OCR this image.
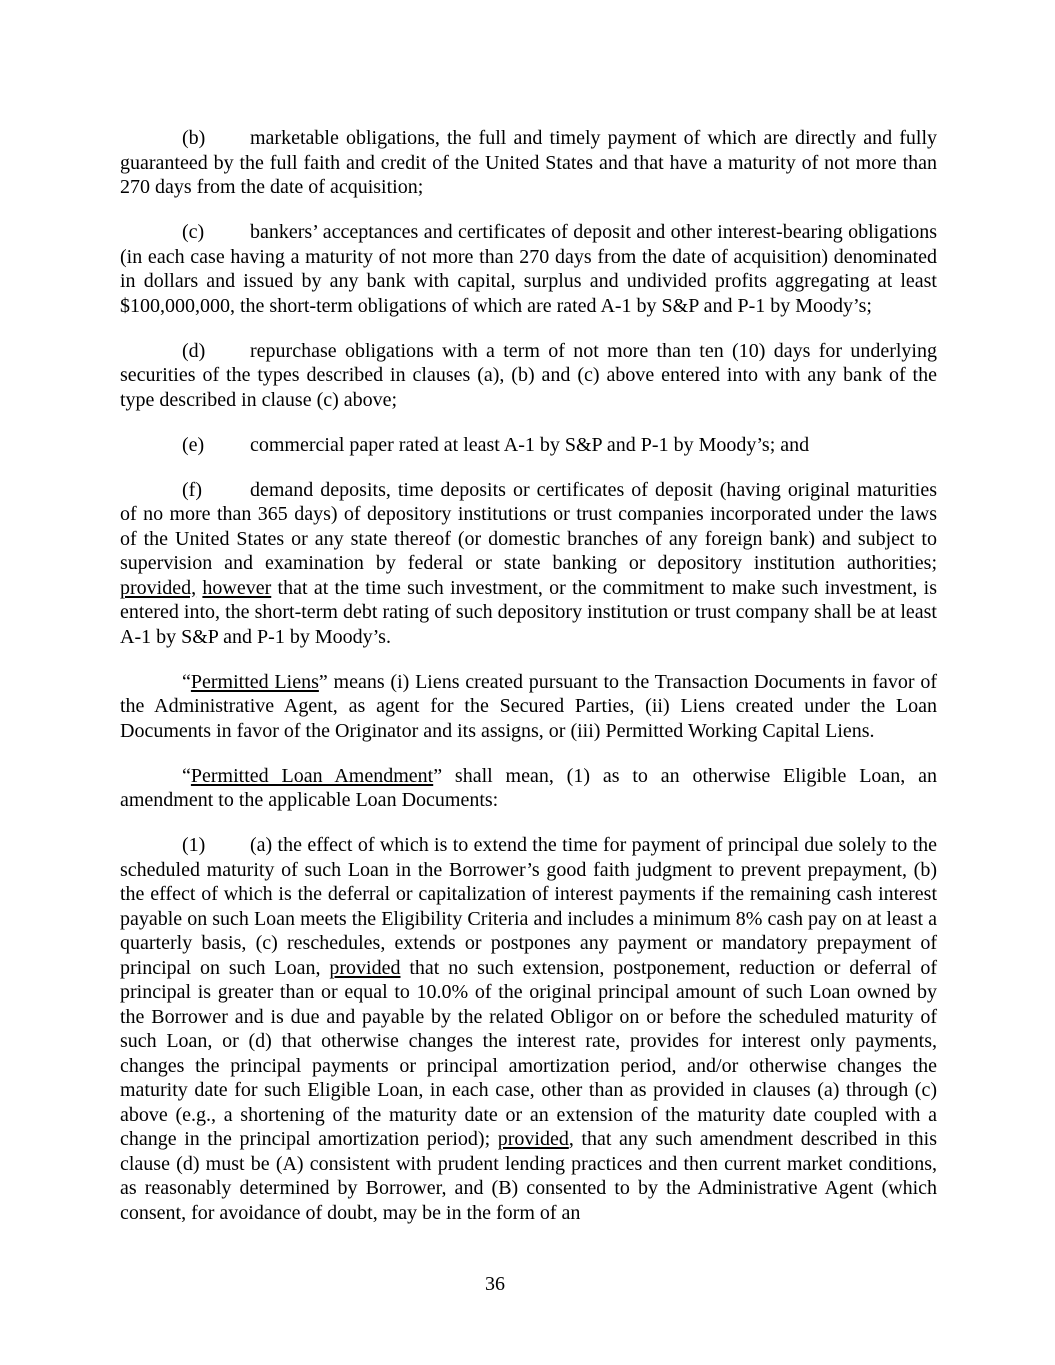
(b) marketable obligations, the full and timely payment of which are directly and fully guaranteed by the full faith and credit of the United States and that have a maturity of not more than 270 days from the date of acquisition;

(c) bankers’ acceptances and certificates of deposit and other interest-bearing obligations (in each case having a maturity of not more than 270 days from the date of acquisition) denominated in dollars and issued by any bank with capital, surplus and undivided profits aggregating at least $100,000,000, the short-term obligations of which are rated A-1 by S&P and P-1 by Moody’s;

(d) repurchase obligations with a term of not more than ten (10) days for underlying securities of the types described in clauses (a), (b) and (c) above entered into with any bank of the type described in clause (c) above;

(e) commercial paper rated at least A-1 by S&P and P-1 by Moody’s; and

(f) demand deposits, time deposits or certificates of deposit (having original maturities of no more than 365 days) of depository institutions or trust companies incorporated under the laws of the United States or any state thereof (or domestic branches of any foreign bank) and subject to supervision and examination by federal or state banking or depository institution authorities; provided, however that at the time such investment, or the commitment to make such investment, is entered into, the short-term debt rating of such depository institution or trust company shall be at least A-1 by S&P and P-1 by Moody’s.

“Permitted Liens” means (i) Liens created pursuant to the Transaction Documents in favor of the Administrative Agent, as agent for the Secured Parties, (ii) Liens created under the Loan Documents in favor of the Originator and its assigns, or (iii) Permitted Working Capital Liens.

“Permitted Loan Amendment” shall mean, (1) as to an otherwise Eligible Loan, an amendment to the applicable Loan Documents:

(1) (a) the effect of which is to extend the time for payment of principal due solely to the scheduled maturity of such Loan in the Borrower’s good faith judgment to prevent prepayment, (b) the effect of which is the deferral or capitalization of interest payments if the remaining cash interest payable on such Loan meets the Eligibility Criteria and includes a minimum 8% cash pay on at least a quarterly basis, (c) reschedules, extends or postpones any payment or mandatory prepayment of principal on such Loan, provided that no such extension, postponement, reduction or deferral of principal is greater than or equal to 10.0% of the original principal amount of such Loan owned by the Borrower and is due and payable by the related Obligor on or before the scheduled maturity of such Loan, or (d) that otherwise changes the interest rate, provides for interest only payments, changes the principal payments or principal amortization period, and/or otherwise changes the maturity date for such Eligible Loan, in each case, other than as provided in clauses (a) through (c) above (e.g., a shortening of the maturity date or an extension of the maturity date coupled with a change in the principal amortization period); provided, that any such amendment described in this clause (d) must be (A) consistent with prudent lending practices and then current market conditions, as reasonably determined by Borrower, and (B) consented to by the Administrative Agent (which consent, for avoidance of doubt, may be in the form of an

36
